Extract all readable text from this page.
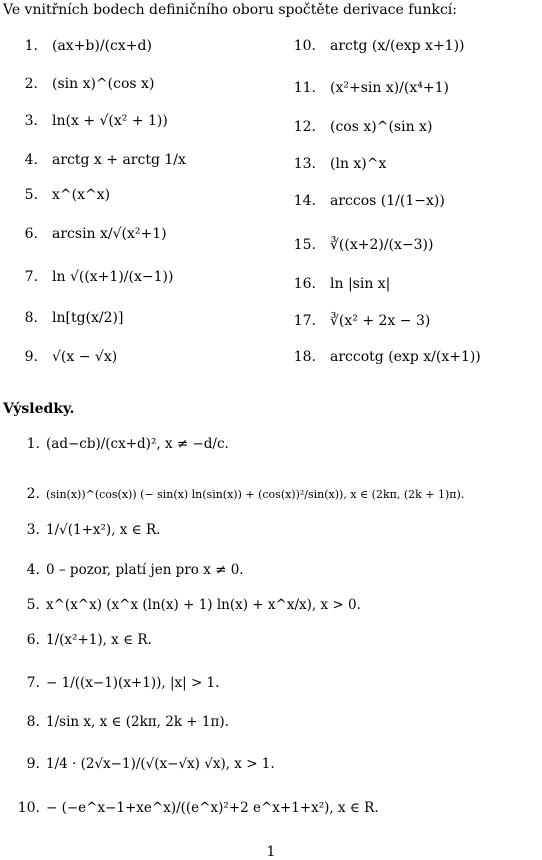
Ve vnitřních bodech definičního oboru spočtěte derivace funkcí:
1. (ax+b)/(cx+d)
2. (sin x)^(cos x)
3. ln(x + √(x² + 1))
4. arctg x + arctg 1/x
5. x^(x^x)
6. arcsin x/√(x²+1)
7. ln √((x+1)/(x−1))
8. ln[tg(x/2)]
9. √(x − √x)
10. arctg (x/(exp x+1))
11. (x²+sin x)/(x⁴+1)
12. (cos x)^(sin x)
13. (ln x)^x
14. arccos (1/(1−x))
15. ∛((x+2)/(x−3))
16. ln |sin x|
17. ∛(x² + 2x − 3)
18. arccotg (exp x/(x+1))
Výsledky.
1. (ad−cb)/(cx+d)², x ≠ −d/c.
2. (sin(x))^(cos(x)) (− sin(x) ln(sin(x)) + (cos(x))²/sin(x)), x ∈ (2kπ, (2k + 1)π).
3. 1/√(1+x²), x ∈ R.
4. 0 – pozor, platí jen pro x ≠ 0.
5. x^(x^x) (x^x (ln(x) + 1) ln(x) + x^x/x), x > 0.
6. 1/(x²+1), x ∈ R.
7. − 1/((x−1)(x+1)), |x| > 1.
8. 1/sin x, x ∈ (2kπ, 2k + 1π).
9. 1/4 · (2√x−1)/(√(x−√x) √x), x > 1.
10. − (−e^x−1+xe^x)/((e^x)²+2 e^x+1+x²), x ∈ R.
1
